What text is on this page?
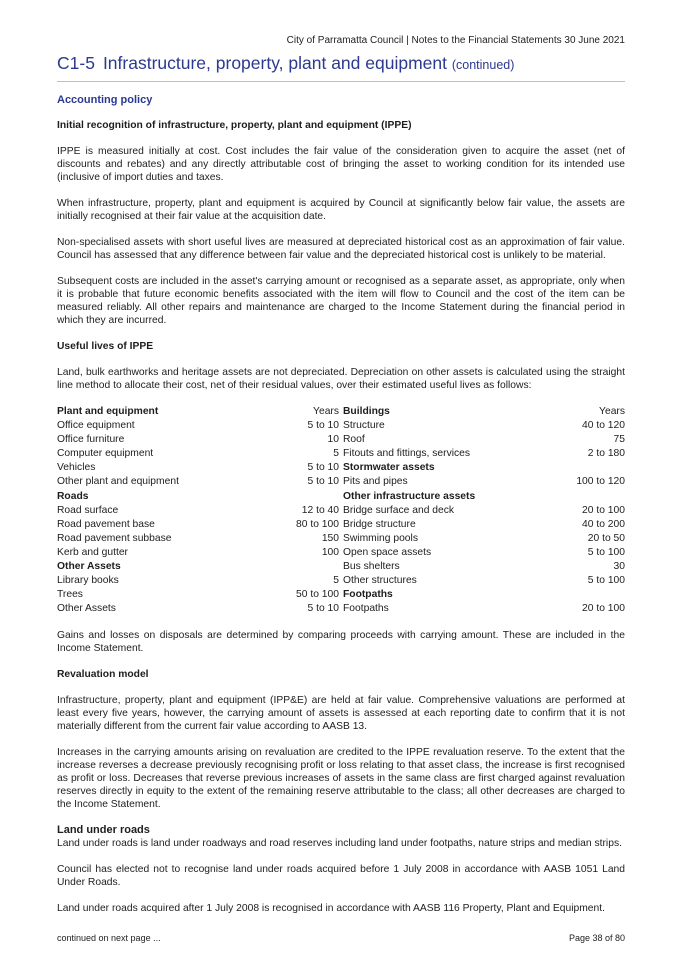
City of Parramatta Council | Notes to the Financial Statements 30 June 2021
C1-5 Infrastructure, property, plant and equipment (continued)
Accounting policy
Initial recognition of infrastructure, property, plant and equipment (IPPE)

IPPE is measured initially at cost. Cost includes the fair value of the consideration given to acquire the asset (net of discounts and rebates) and any directly attributable cost of bringing the asset to working condition for its intended use (inclusive of import duties and taxes.

When infrastructure, property, plant and equipment is acquired by Council at significantly below fair value, the assets are initially recognised at their fair value at the acquisition date.

Non-specialised assets with short useful lives are measured at depreciated historical cost as an approximation of fair value. Council has assessed that any difference between fair value and the depreciated historical cost is unlikely to be material.

Subsequent costs are included in the asset's carrying amount or recognised as a separate asset, as appropriate, only when it is probable that future economic benefits associated with the item will flow to Council and the cost of the item can be measured reliably. All other repairs and maintenance are charged to the Income Statement during the financial period in which they are incurred.

Useful lives of IPPE

Land, bulk earthworks and heritage assets are not depreciated. Depreciation on other assets is calculated using the straight line method to allocate their cost, net of their residual values, over their estimated useful lives as follows:

Plant and equipment	Years
Office equipment	5 to 10
Office furniture	10
Computer equipment	5
Vehicles	5 to 10
Other plant and equipment	5 to 10
Roads
Road surface	12 to 40
Road pavement base	80 to 100
Road pavement subbase	150
Kerb and gutter	100
Other Assets
Library books	5
Trees	50 to 100
Other Assets	5 to 10
Buildings	Years
Structure	40 to 120
Roof	75
Fitouts and fittings, services	2 to 180
Stormwater assets
Pits and pipes	100 to 120
Other infrastructure assets
Bridge surface and deck	20 to 100
Bridge structure	40 to 200
Swimming pools	20 to 50
Open space assets	5 to 100
Bus shelters	30
Other structures	5 to 100
Footpaths
Footpaths	20 to 100

Gains and losses on disposals are determined by comparing proceeds with carrying amount. These are included in the Income Statement.

Revaluation model

Infrastructure, property, plant and equipment (IPP&E) are held at fair value. Comprehensive valuations are performed at least every five years, however, the carrying amount of assets is assessed at each reporting date to confirm that it is not materially different from the current fair value according to AASB 13.

Increases in the carrying amounts arising on revaluation are credited to the IPPE revaluation reserve. To the extent that the increase reverses a decrease previously recognising profit or loss relating to that asset class, the increase is first recognised as profit or loss. Decreases that reverse previous increases of assets in the same class are first charged against revaluation reserves directly in equity to the extent of the remaining reserve attributable to the class; all other decreases are charged to the Income Statement.

Land under roads

Land under roads is land under roadways and road reserves including land under footpaths, nature strips and median strips.

Council has elected not to recognise land under roads acquired before 1 July 2008 in accordance with AASB 1051 Land Under Roads.

Land under roads acquired after 1 July 2008 is recognised in accordance with AASB 116 Property, Plant and Equipment.

continued on next page ...	Page 38 of 80
